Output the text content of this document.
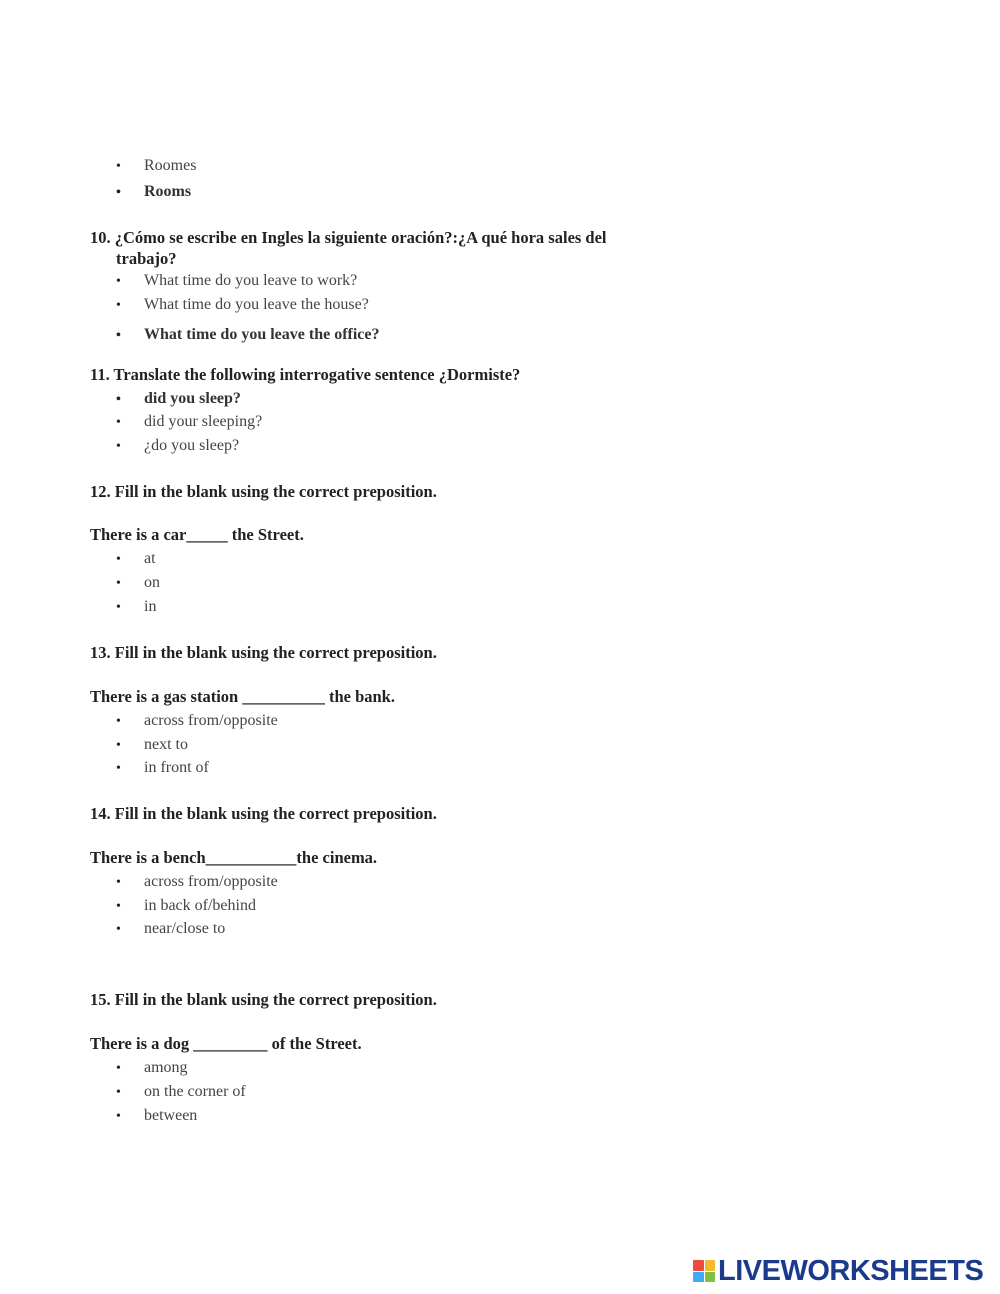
• Roomes
• Rooms
10. ¿Cómo se escribe en Ingles la siguiente oración?:¿A qué hora sales del
trabajo?
• What time do you leave to work?
• What time do you leave the house?
• What time do you leave the office?
11. Translate the following interrogative sentence ¿Dormiste?
• did you sleep?
• did your sleeping?
• ¿do you sleep?
12. Fill in the blank using the correct preposition.
There is a car_____ the Street.
• at
• on
• in
13. Fill in the blank using the correct preposition.
There is a gas station __________ the bank.
• across from/opposite
• next to
• in front of
14. Fill in the blank using the correct preposition.
There is a bench___________the cinema.
• across from/opposite
• in back of/behind
• near/close to
15. Fill in the blank using the correct preposition.
There is a dog _________ of the Street.
• among
• on the corner of
• between
LIVEWORKSHEETS
